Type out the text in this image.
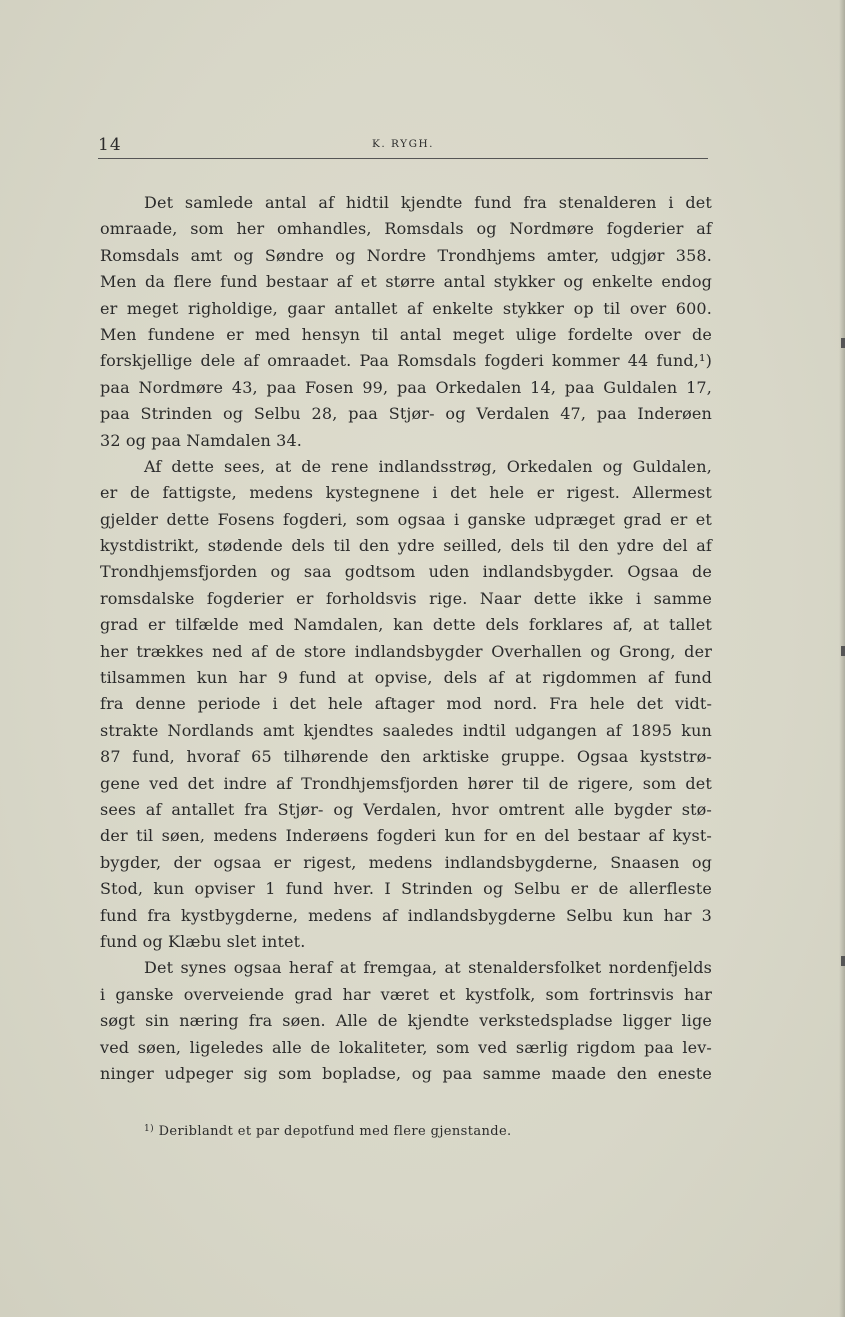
14	K. RYGH.
Det samlede antal af hidtil kjendte fund fra stenalderen i det
omraade, som her omhandles, Romsdals og Nordmøre fogderier af
Romsdals amt og Søndre og Nordre Trondhjems amter, udgjør 358.
Men da flere fund bestaar af et større antal stykker og enkelte endog
er meget righoldige, gaar antallet af enkelte stykker op til over 600.
Men fundene er med hensyn til antal meget ulige fordelte over de
forskjellige dele af omraadet. Paa Romsdals fogderi kommer 44 fund,¹)
paa Nordmøre 43, paa Fosen 99, paa Orkedalen 14, paa Guldalen 17,
paa Strinden og Selbu 28, paa Stjør- og Verdalen 47, paa Inderøen
32 og paa Namdalen 34.
Af dette sees, at de rene indlandsstrøg, Orkedalen og Guldalen,
er de fattigste, medens kystegnene i det hele er rigest. Allermest
gjelder dette Fosens fogderi, som ogsaa i ganske udpræget grad er et
kystdistrikt, stødende dels til den ydre seilled, dels til den ydre del af
Trondhjemsfjorden og saa godtsom uden indlandsbygder. Ogsaa de
romsdalske fogderier er forholdsvis rige. Naar dette ikke i samme
grad er tilfælde med Namdalen, kan dette dels forklares af, at tallet
her trækkes ned af de store indlandsbygder Overhallen og Grong, der
tilsammen kun har 9 fund at opvise, dels af at rigdommen af fund
fra denne periode i det hele aftager mod nord. Fra hele det vidt-
strakte Nordlands amt kjendtes saaledes indtil udgangen af 1895 kun
87 fund, hvoraf 65 tilhørende den arktiske gruppe. Ogsaa kyststrø-
gene ved det indre af Trondhjemsfjorden hører til de rigere, som det
sees af antallet fra Stjør- og Verdalen, hvor omtrent alle bygder stø-
der til søen, medens Inderøens fogderi kun for en del bestaar af kyst-
bygder, der ogsaa er rigest, medens indlandsbygderne, Snaasen og
Stod, kun opviser 1 fund hver. I Strinden og Selbu er de allerfleste
fund fra kystbygderne, medens af indlandsbygderne Selbu kun har 3
fund og Klæbu slet intet.
Det synes ogsaa heraf at fremgaa, at stenaldersfolket nordenfjelds
i ganske overveiende grad har været et kystfolk, som fortrinsvis har
søgt sin næring fra søen. Alle de kjendte verkstedspladse ligger lige
ved søen, ligeledes alle de lokaliteter, som ved særlig rigdom paa lev-
ninger udpeger sig som bopladse, og paa samme maade den eneste
$^{1)}$ Deriblandt et par depotfund med flere gjenstande.
